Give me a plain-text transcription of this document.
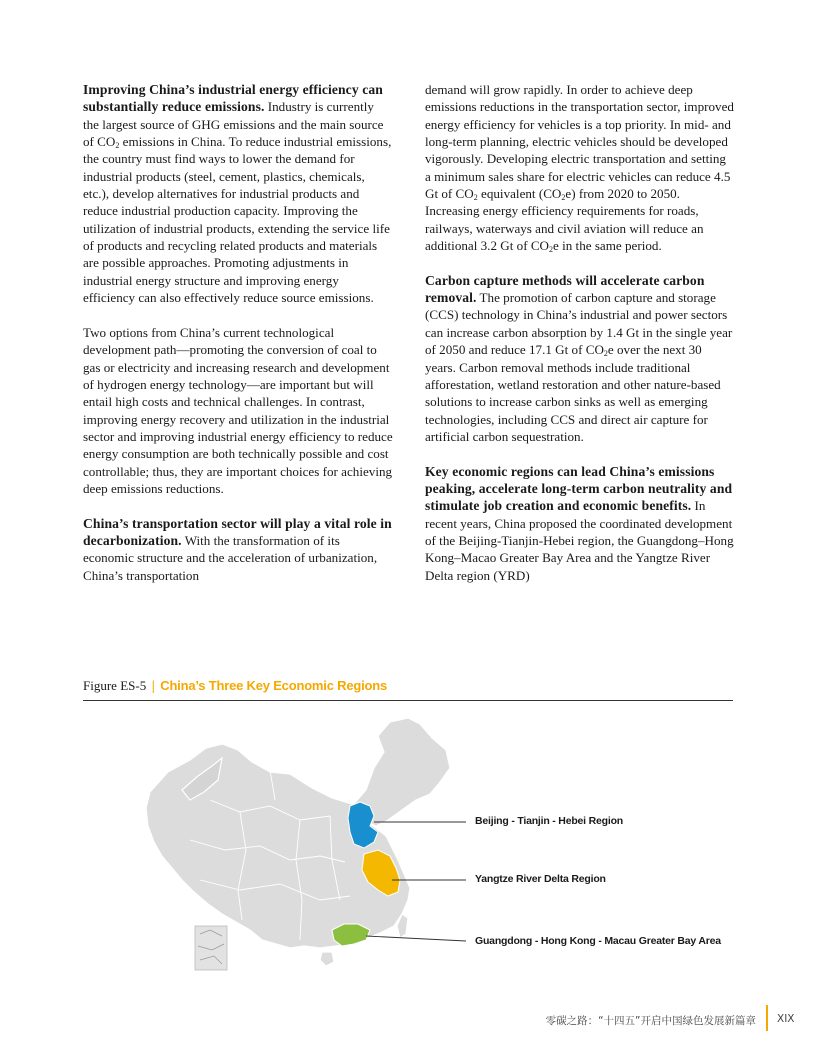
Improving China’s industrial energy efficiency can substantially reduce emissions. Industry is currently the largest source of GHG emissions and the main source of $CO_2$ emissions in China. To reduce industrial emissions, the country must find ways to lower the demand for industrial products (steel, cement, plastics, chemicals, etc.), develop alternatives for industrial products and reduce industrial production capacity. Improving the utilization of industrial products, extending the service life of products and recycling related products and materials are possible approaches. Promoting adjustments in industrial energy structure and improving energy efficiency can also effectively reduce source emissions.

Two options from China’s current technological development path—promoting the conversion of coal to gas or electricity and increasing research and development of hydrogen energy technology—are important but will entail high costs and technical challenges. In contrast, improving energy recovery and utilization in the industrial sector and improving industrial energy efficiency to reduce energy consumption are both technically possible and cost controllable; thus, they are important choices for achieving deep emissions reductions.

China’s transportation sector will play a vital role in decarbonization. With the transformation of its economic structure and the acceleration of urbanization, China’s transportation

demand will grow rapidly. In order to achieve deep emissions reductions in the transportation sector, improved energy efficiency for vehicles is a top priority. In mid- and long-term planning, electric vehicles should be developed vigorously. Developing electric transportation and setting a minimum sales share for electric vehicles can reduce 4.5 Gt of $CO_2$ equivalent $(CO_2e)$ from 2020 to 2050. Increasing energy efficiency requirements for roads, railways, waterways and civil aviation will reduce an additional 3.2 Gt of $CO_2e$ in the same period.

Carbon capture methods will accelerate carbon removal. The promotion of carbon capture and storage (CCS) technology in China’s industrial and power sectors can increase carbon absorption by 1.4 Gt in the single year of 2050 and reduce 17.1 Gt of $CO_2e$ over the next 30 years. Carbon removal methods include traditional afforestation, wetland restoration and other nature-based solutions to increase carbon sinks as well as emerging technologies, including CCS and direct air capture for artificial carbon sequestration.

Key economic regions can lead China’s emissions peaking, accelerate long-term carbon neutrality and stimulate job creation and economic benefits. In recent years, China proposed the coordinated development of the Beijing-Tianjin-Hebei region, the Guangdong–Hong Kong–Macao Greater Bay Area and the Yangtze River Delta region (YRD)

Figure ES-5 | China’s Three Key Economic Regions
Beijing - Tianjin - Hebei Region
Yangtze River Delta Region
Guangdong - Hong Kong - Macau Greater Bay Area
零碳之路：“十四五”开启中国绿色发展新篇章 XIX
